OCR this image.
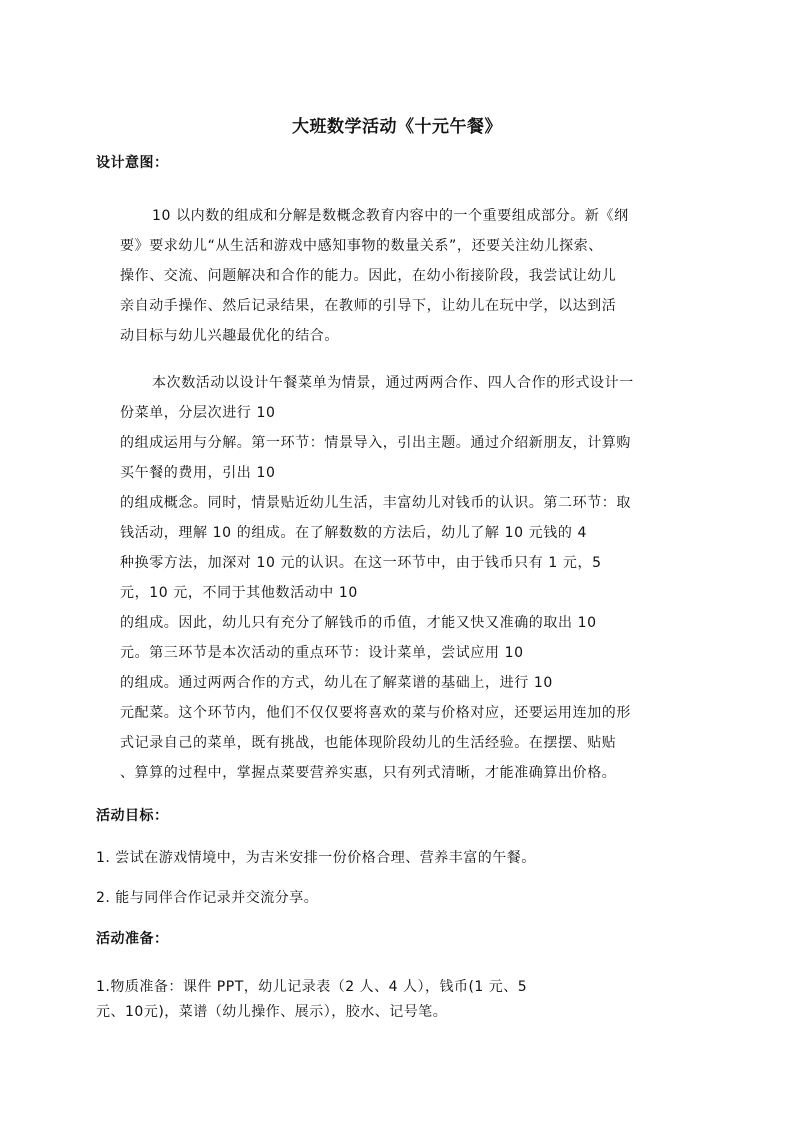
大班数学活动《十元午餐》
设计意图：
10 以内数的组成和分解是数概念教育内容中的一个重要组成部分。新《纲
要》要求幼儿“从生活和游戏中感知事物的数量关系”，还要关注幼儿探索、
操作、交流、问题解决和合作的能力。因此，在幼小衔接阶段，我尝试让幼儿
亲自动手操作、然后记录结果，在教师的引导下，让幼儿在玩中学，以达到活
动目标与幼儿兴趣最优化的结合。
本次数活动以设计午餐菜单为情景，通过两两合作、四人合作的形式设计一
份菜单，分层次进行 10
的组成运用与分解。第一环节：情景导入，引出主题。通过介绍新朋友，计算购
买午餐的费用，引出 10
的组成概念。同时，情景贴近幼儿生活，丰富幼儿对钱币的认识。第二环节：取
钱活动，理解 10 的组成。在了解数数的方法后，幼儿了解 10 元钱的 4
种换零方法，加深对 10 元的认识。在这一环节中，由于钱币只有 1 元，5
元，10 元，不同于其他数活动中 10
的组成。因此，幼儿只有充分了解钱币的币值，才能又快又准确的取出 10
元。第三环节是本次活动的重点环节：设计菜单，尝试应用 10
的组成。通过两两合作的方式，幼儿在了解菜谱的基础上，进行 10
元配菜。这个环节内，他们不仅仅要将喜欢的菜与价格对应，还要运用连加的形
式记录自己的菜单，既有挑战，也能体现阶段幼儿的生活经验。在摆摆、贴贴
、算算的过程中，掌握点菜要营养实惠，只有列式清晰，才能准确算出价格。
活动目标：
1. 尝试在游戏情境中，为吉米安排一份价格合理、营养丰富的午餐。
2. 能与同伴合作记录并交流分享。
活动准备：
1.物质准备：课件 PPT，幼儿记录表（2 人、4 人），钱币(1 元、5
元、10元)，菜谱（幼儿操作、展示），胶水、记号笔。
